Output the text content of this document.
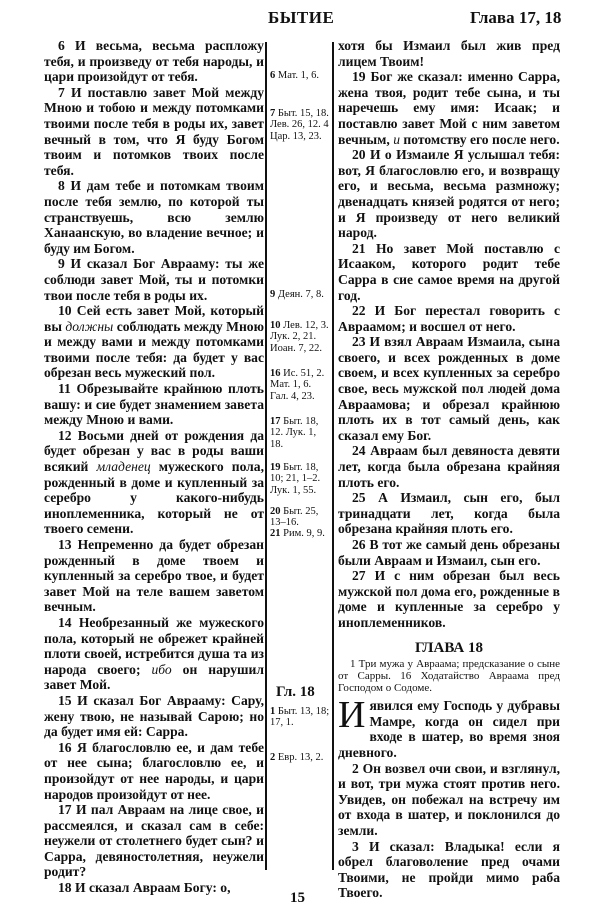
БЫТИЕ	Глава 17, 18

6 И весьма, весьма распложу тебя, и произведу от тебя народы, и цари произойдут от тебя.

7 И поставлю завет Мой между Мною и тобою и между потомками твоими после тебя в роды их, завет вечный в том, что Я буду Богом твоим и потомков твоих после тебя.

8 И дам тебе и потомкам твоим после тебя землю, по которой ты странствуешь, всю землю Ханаанскую, во владение вечное; и буду им Богом.

9 И сказал Бог Аврааму: ты же соблюди завет Мой, ты и потомки твои после тебя в роды их.

10 Сей есть завет Мой, который вы должны соблюдать между Мною и между вами и между потомками твоими после тебя: да будет у вас обрезан весь мужеский пол.

11 Обрезывайте крайнюю плоть вашу: и сие будет знамением завета между Мною и вами.

12 Восьми дней от рождения да будет обрезан у вас в роды ваши всякий младенец мужеского пола, рожденный в доме и купленный за серебро у какого-нибудь иноплеменника, который не от твоего семени.

13 Непременно да будет обрезан рожденный в доме твоем и купленный за серебро твое, и будет завет Мой на теле вашем заветом вечным.

14 Необрезанный же мужеского пола, который не обрежет крайней плоти своей, истребится душа та из народа своего; ибо он нарушил завет Мой.

15 И сказал Бог Аврааму: Сару, жену твою, не называй Сарою; но да будет имя ей: Сарра.

16 Я благословлю ее, и дам тебе от нее сына; благословлю ее, и произойдут от нее народы, и цари народов произойдут от нее.

17 И пал Авраам на лице свое, и рассмеялся, и сказал сам в себе: неужели от столетнего будет сын? и Сарра, девяностолетняя, неужели родит?

18 И сказал Авраам Богу: о,

6 Мат. 1, 6.
7 Быт. 15, 18. Лев. 26, 12. 4 Цар. 13, 23.
9 Деян. 7, 8.
10 Лев. 12, 3. Лук. 2, 21. Иоан. 7, 22.
16 Ис. 51, 2. Мат. 1, 6. Гал. 4, 23.
17 Быт. 18, 12. Лук. 1, 18.
19 Быт. 18, 10; 21, 1–2. Лук. 1, 55.
20 Быт. 25, 13–16.
21 Рим. 9, 9.
1 Быт. 13, 18; 17, 1.
2 Евр. 13, 2.
Гл. 18

хотя бы Измаил был жив пред лицем Твоим!

19 Бог же сказал: именно Сарра, жена твоя, родит тебе сына, и ты наречешь ему имя: Исаак; и поставлю завет Мой с ним заветом вечным, и потомству его после него.

20 И о Измаиле Я услышал тебя: вот, Я благословлю его, и возвращу его, и весьма, весьма размножу; двенадцать князей родятся от него; и Я произведу от него великий народ.

21 Но завет Мой поставлю с Исааком, которого родит тебе Сарра в сие самое время на другой год.

22 И Бог перестал говорить с Авраамом; и восшел от него.

23 И взял Авраам Измаила, сына своего, и всех рожденных в доме своем, и всех купленных за серебро свое, весь мужской пол людей дома Авраамова; и обрезал крайнюю плоть их в тот самый день, как сказал ему Бог.

24 Авраам был девяноста девяти лет, когда была обрезана крайняя плоть его.

25 А Измаил, сын его, был тринадцати лет, когда была обрезана крайняя плоть его.

26 В тот же самый день обрезаны были Авраам и Измаил, сын его.

27 И с ним обрезан был весь мужской пол дома его, рожденные в доме и купленные за серебро у иноплеменников.

ГЛАВА 18
1 Три мужа у Авраама; предсказание о сыне от Сарры. 16 Ходатайство Авраама пред Господом о Содоме.

Иявился ему Господь у дубравы Мамре, когда он сидел при входе в шатер, во время зноя дневного.

2 Он возвел очи свои, и взглянул, и вот, три мужа стоят против него. Увидев, он побежал на встречу им от входа в шатер, и поклонился до земли.

3 И сказал: Владыка! если я обрел благоволение пред очами Твоими, не пройди мимо раба Твоего.

15
